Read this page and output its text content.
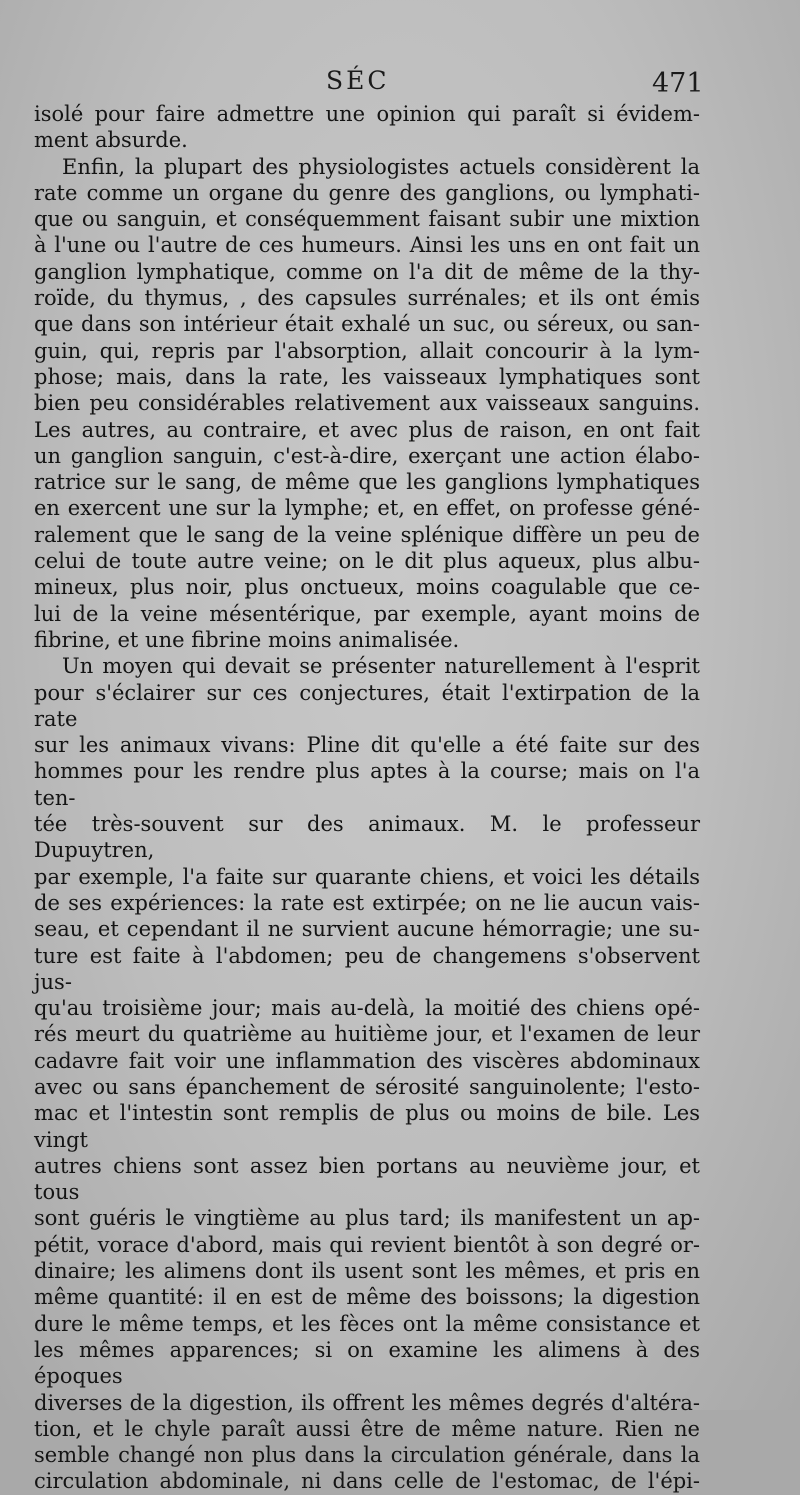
SÉC	471

isolé pour faire admettre une opinion qui paraît si évidem-

ment absurde.

Enfin, la plupart des physiologistes actuels considèrent la

rate comme un organe du genre des ganglions, ou lymphati-

que ou sanguin, et conséquemment faisant subir une mixtion

à l'une ou l'autre de ces humeurs. Ainsi les uns en ont fait un

ganglion lymphatique, comme on l'a dit de même de la thy-

roïde, du thymus, , des capsules surrénales; et ils ont émis

que dans son intérieur était exhalé un suc, ou séreux, ou san-

guin, qui, repris par l'absorption, allait concourir à la lym-

phose; mais, dans la rate, les vaisseaux lymphatiques sont

bien peu considérables relativement aux vaisseaux sanguins.

Les autres, au contraire, et avec plus de raison, en ont fait

un ganglion sanguin, c'est-à-dire, exerçant une action élabo-

ratrice sur le sang, de même que les ganglions lymphatiques

en exercent une sur la lymphe; et, en effet, on professe géné-

ralement que le sang de la veine splénique diffère un peu de

celui de toute autre veine; on le dit plus aqueux, plus albu-

mineux, plus noir, plus onctueux, moins coagulable que ce-

lui de la veine mésentérique, par exemple, ayant moins de

fibrine, et une fibrine moins animalisée.

Un moyen qui devait se présenter naturellement à l'esprit

pour s'éclairer sur ces conjectures, était l'extirpation de la rate

sur les animaux vivans: Pline dit qu'elle a été faite sur des

hommes pour les rendre plus aptes à la course; mais on l'a ten-

tée très-souvent sur des animaux. M. le professeur Dupuytren,

par exemple, l'a faite sur quarante chiens, et voici les détails

de ses expériences: la rate est extirpée; on ne lie aucun vais-

seau, et cependant il ne survient aucune hémorragie; une su-

ture est faite à l'abdomen; peu de changemens s'observent jus-

qu'au troisième jour; mais au-delà, la moitié des chiens opé-

rés meurt du quatrième au huitième jour, et l'examen de leur

cadavre fait voir une inflammation des viscères abdominaux

avec ou sans épanchement de sérosité sanguinolente; l'esto-

mac et l'intestin sont remplis de plus ou moins de bile. Les vingt

autres chiens sont assez bien portans au neuvième jour, et tous

sont guéris le vingtième au plus tard; ils manifestent un ap-

pétit, vorace d'abord, mais qui revient bientôt à son degré or-

dinaire; les alimens dont ils usent sont les mêmes, et pris en

même quantité: il en est de même des boissons; la digestion

dure le même temps, et les fèces ont la même consistance et

les mêmes apparences; si on examine les alimens à des époques

diverses de la digestion, ils offrent les mêmes degrés d'altéra-

tion, et le chyle paraît aussi être de même nature. Rien ne

semble changé non plus dans la circulation générale, dans la

circulation abdominale, ni dans celle de l'estomac, de l'épi-
